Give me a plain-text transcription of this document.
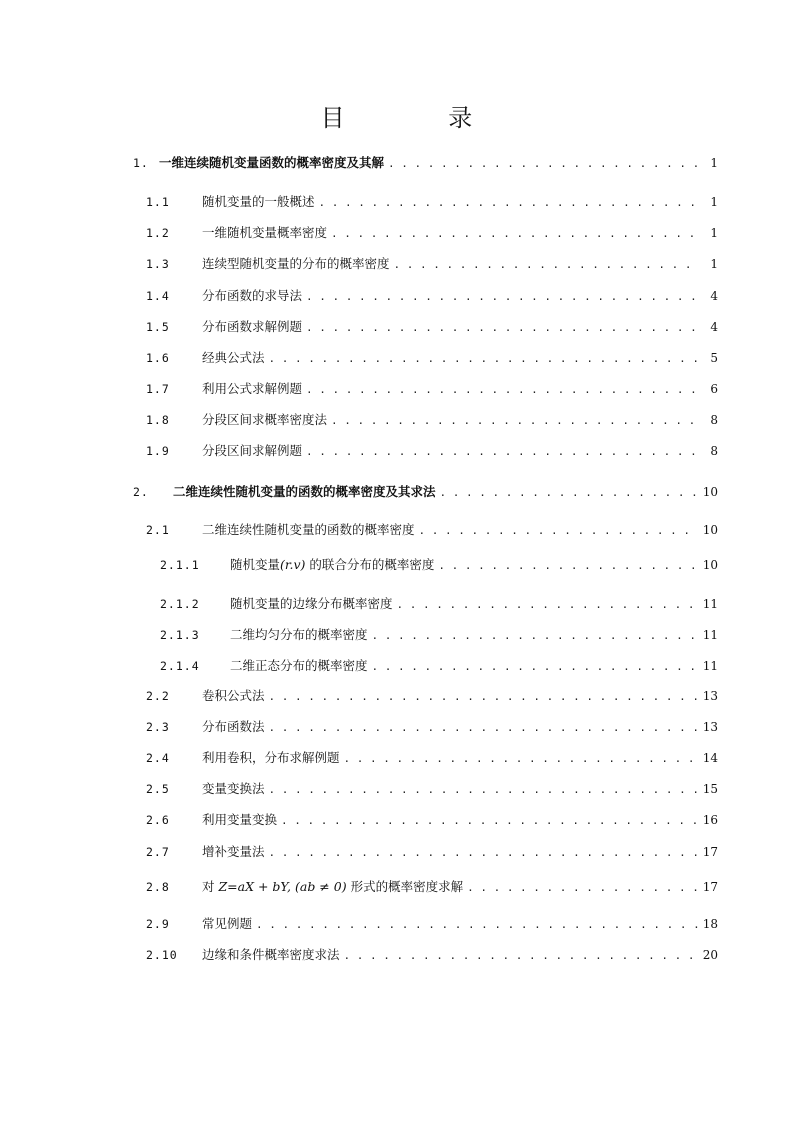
目 录
1. 一维连续随机变量函数的概率密度及其解 . . .	1
1.1	随机变量的一般概述 . . .	1
1.2	一维随机变量概率密度 . . .	1
1.3	连续型随机变量的分布的概率密度 . . .	1
1.4	分布函数的求导法 . . .	4
1.5	分布函数求解例题 . . .	4
1.6	经典公式法 . . .	5
1.7	利用公式求解例题 . . .	6
1.8	分段区间求概率密度法 . . .	8
1.9	分段区间求解例题 . . .	8
2.	二维连续性随机变量的函数的概率密度及其求法 . . .	10
2.1	二维连续性随机变量的函数的概率密度 . . .	10
2.1.1	随机变量(r.v) 的联合分布的概率密度 . . .	10
2.1.2	随机变量的边缘分布概率密度 . . .	11
2.1.3	二维均匀分布的概率密度 . . .	11
2.1.4	二维正态分布的概率密度 . . .	11
2.2	卷积公式法 . . .	13
2.3	分布函数法 . . .	13
2.4	利用卷积，分布求解例题 . . .	14
2.5	变量变换法 . . .	15
2.6	利用变量变换 . . .	16
2.7	增补变量法 . . .	17
2.8	对 Z=aX + bY, (ab ≠ 0) 形式的概率密度求解 . . .	17
2.9	常见例题 . . .	18
2.10	边缘和条件概率密度求法 . . .	20
